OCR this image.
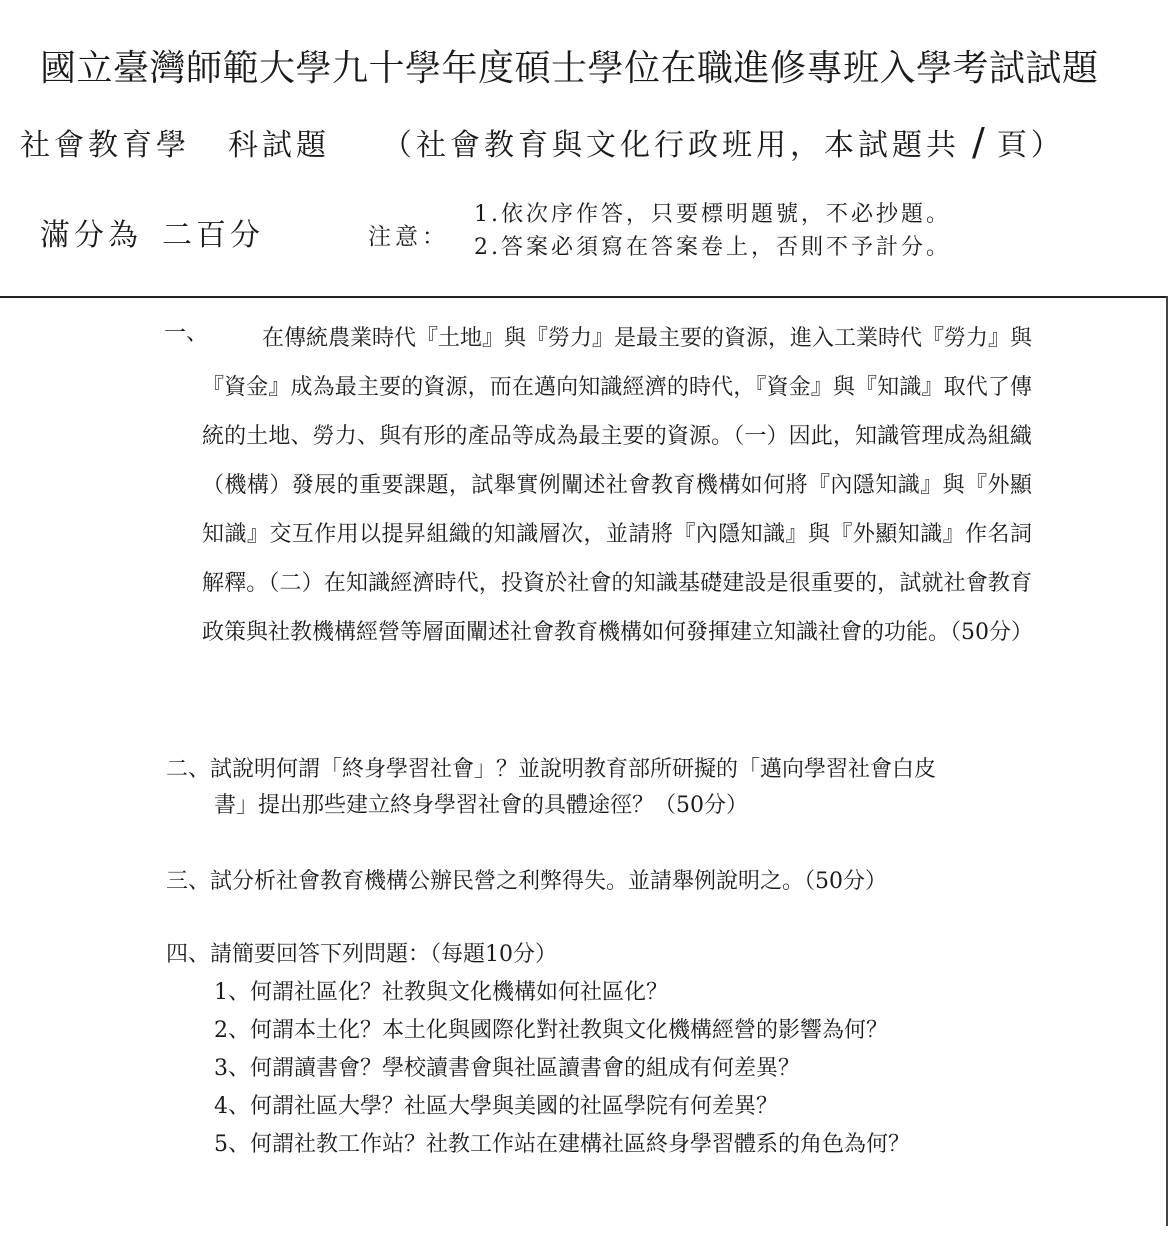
國立臺灣師範大學九十學年度碩士學位在職進修專班入學考試試題
社會教育學 科試題 （社會教育與文化行政班用，本試題共 / 頁）
滿分為 二百分	注意：
1.依次序作答，只要標明題號，不必抄題。
2.答案必須寫在答案卷上，否則不予計分。
一、	在傳統農業時代『土地』與『勞力』是最主要的資源，進入工業時代『勞力』與『資金』成為最主要的資源，而在邁向知識經濟的時代，『資金』與『知識』取代了傳統的土地、勞力、與有形的產品等成為最主要的資源。（一）因此，知識管理成為組織（機構）發展的重要課題，試舉實例闡述社會教育機構如何將『內隱知識』與『外顯知識』交互作用以提昇組織的知識層次，並請將『內隱知識』與『外顯知識』作名詞解釋。（二）在知識經濟時代，投資於社會的知識基礎建設是很重要的，試就社會教育政策與社教機構經營等層面闡述社會教育機構如何發揮建立知識社會的功能。（50分）
二、試說明何謂「終身學習社會」？並說明教育部所研擬的「邁向學習社會白皮
書」提出那些建立終身學習社會的具體途徑？（50分）
三、試分析社會教育機構公辦民營之利弊得失。並請舉例說明之。（50分）
四、請簡要回答下列問題：（每題10分）
1、何謂社區化？社教與文化機構如何社區化？
2、何謂本土化？本土化與國際化對社教與文化機構經營的影響為何？
3、何謂讀書會？學校讀書會與社區讀書會的組成有何差異？
4、何謂社區大學？社區大學與美國的社區學院有何差異？
5、何謂社教工作站？社教工作站在建構社區終身學習體系的角色為何？
